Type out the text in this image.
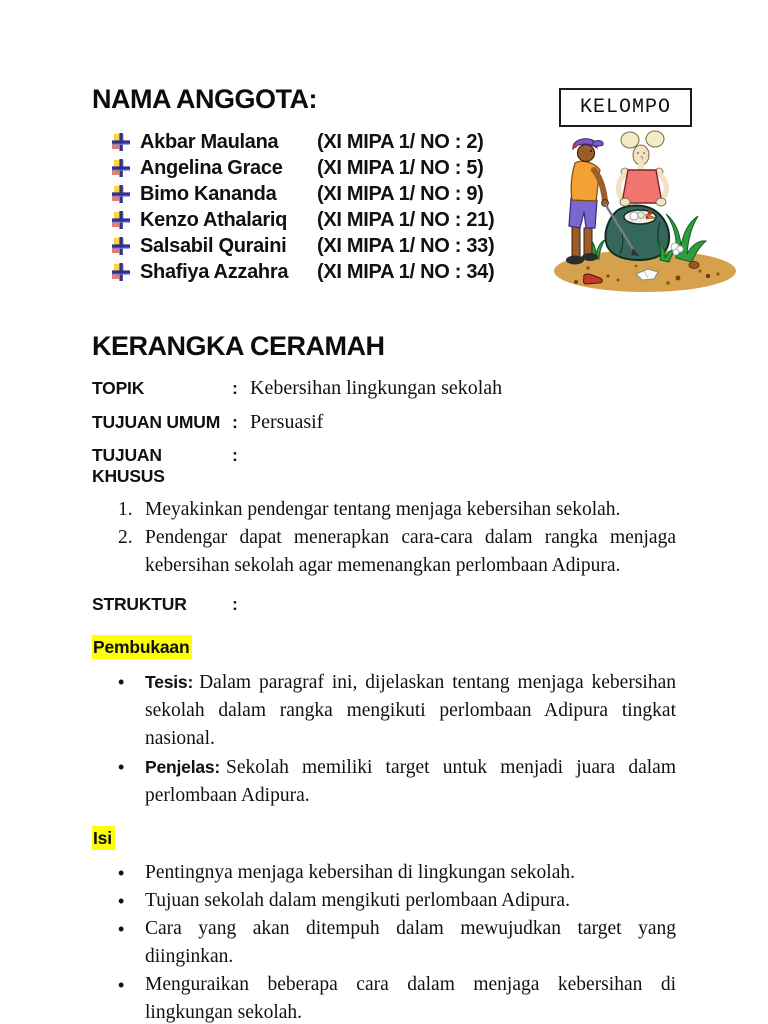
KELOMPO
NAMA ANGGOTA:
Akbar Maulana	(XI MIPA 1/ NO : 2)
Angelina Grace	(XI MIPA 1/ NO : 5)
Bimo Kananda	(XI MIPA 1/ NO : 9)
Kenzo Athalariq	(XI MIPA 1/ NO : 21)
Salsabil Quraini	(XI MIPA 1/ NO : 33)
Shafiya Azzahra	(XI MIPA 1/ NO : 34)
KERANGKA CERAMAH
TOPIK	: Kebersihan lingkungan sekolah
TUJUAN UMUM : Persuasif
TUJUAN KHUSUS
:
1. Meyakinkan pendengar tentang menjaga kebersihan sekolah.
2. Pendengar dapat menerapkan cara-cara dalam rangka menjaga kebersihan sekolah agar memenangkan perlombaan Adipura.
STRUKTUR	:
Pembukaan
•	Tesis: Dalam paragraf ini, dijelaskan tentang menjaga kebersihan sekolah dalam rangka mengikuti perlombaan Adipura tingkat nasional.
•	Penjelas: Sekolah memiliki target untuk menjadi juara dalam perlombaan Adipura.
Isi
•	Pentingnya menjaga kebersihan di lingkungan sekolah.
•	Tujuan sekolah dalam mengikuti perlombaan Adipura.
•	Cara yang akan ditempuh dalam mewujudkan target yang diinginkan.
•	Menguraikan beberapa cara dalam menjaga kebersihan di lingkungan sekolah.
